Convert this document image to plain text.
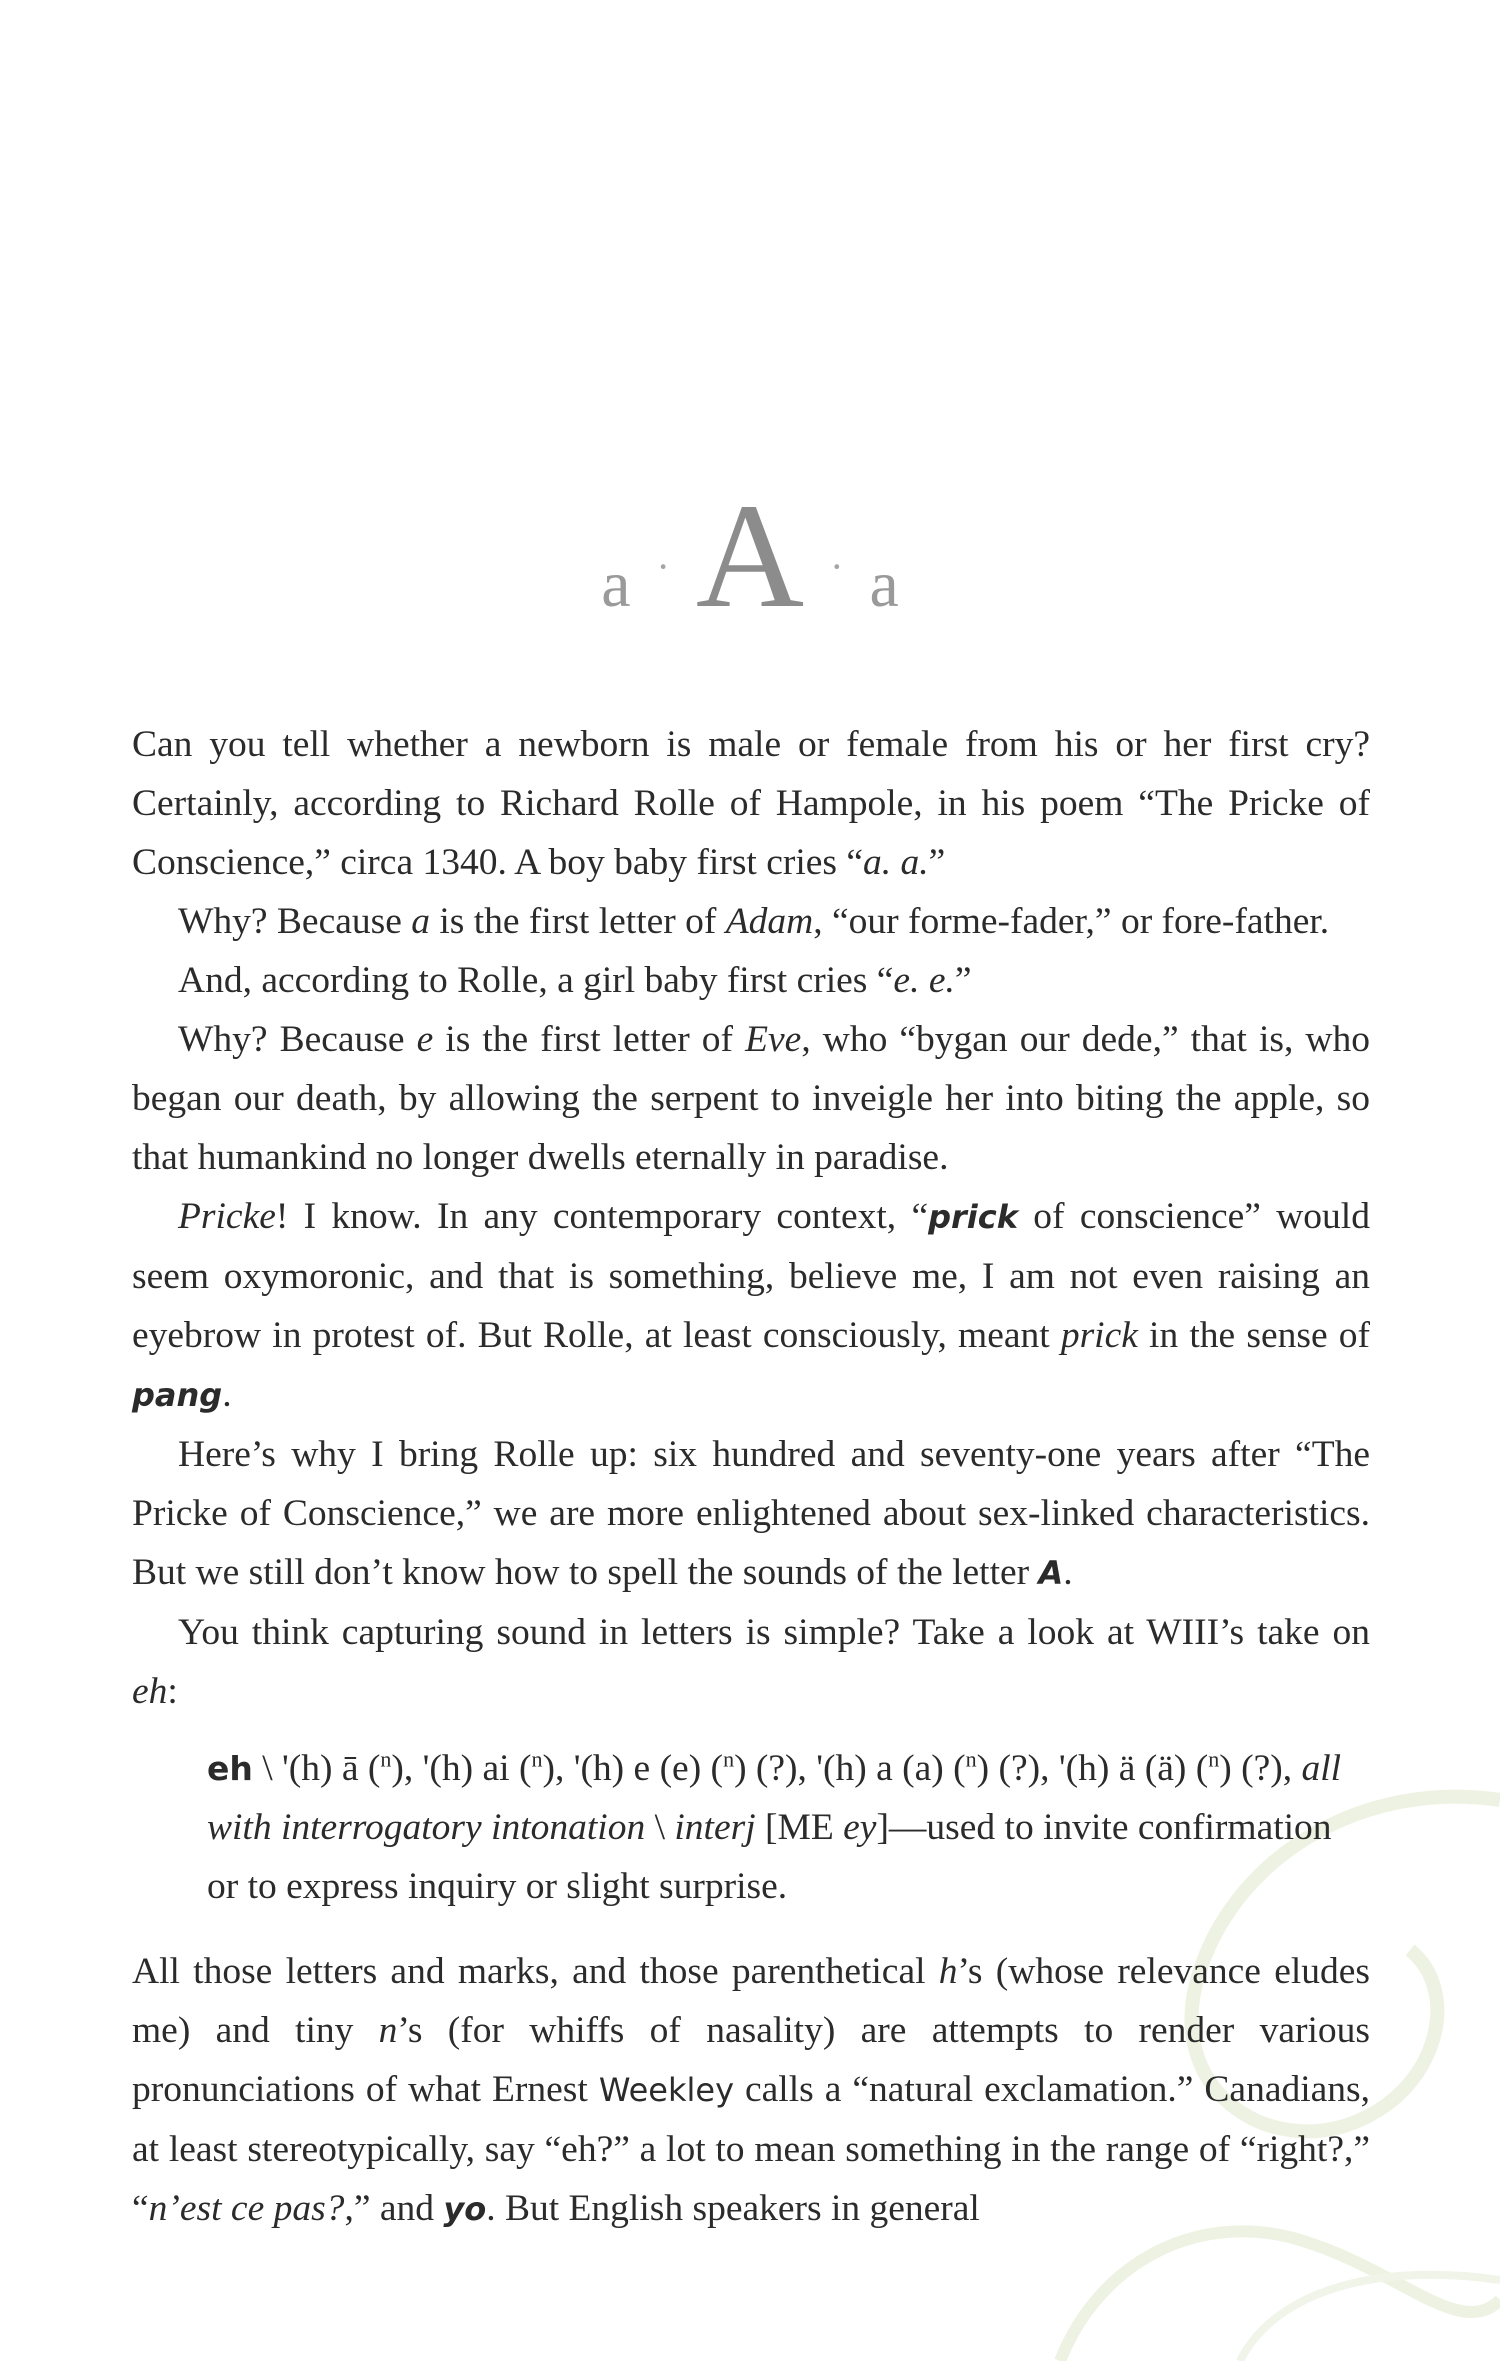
a · A · a

Can you tell whether a newborn is male or female from his or her first cry? Certainly, according to Richard Rolle of Hampole, in his poem “The Pricke of Conscience,” circa 1340. A boy baby first cries “a. a.”

Why? Because a is the first letter of Adam, “our forme-fader,” or fore-father.

And, according to Rolle, a girl baby first cries “e. e.”

Why? Because e is the first letter of Eve, who “bygan our dede,” that is, who began our death, by allowing the serpent to inveigle her into biting the apple, so that humankind no longer dwells eternally in paradise.

Pricke! I know. In any contemporary context, “prick of conscience” would seem oxymoronic, and that is something, believe me, I am not even raising an eyebrow in protest of. But Rolle, at least consciously, meant prick in the sense of pang.

Here’s why I bring Rolle up: six hundred and seventy-one years after “The Pricke of Conscience,” we are more enlightened about sex-linked characteristics. But we still don’t know how to spell the sounds of the letter A.

You think capturing sound in letters is simple? Take a look at WIII’s take on eh:

eh \ '(h) ā ($^n$), '(h) ai ($^n$), '(h) e (e) ($^n$) (?), '(h) a (a) ($^n$) (?), '(h) ä (ä) ($^n$) (?), all with interrogatory intonation \ interj [ME ey]—used to invite confirmation or to express inquiry or slight surprise.

All those letters and marks, and those parenthetical h’s (whose relevance eludes me) and tiny n’s (for whiffs of nasality) are attempts to render various pronunciations of what Ernest Weekley calls a “natural exclamation.” Canadians, at least stereotypically, say “eh?” a lot to mean something in the range of “right?,” “n’est ce pas?,” and yo. But English speakers in general
